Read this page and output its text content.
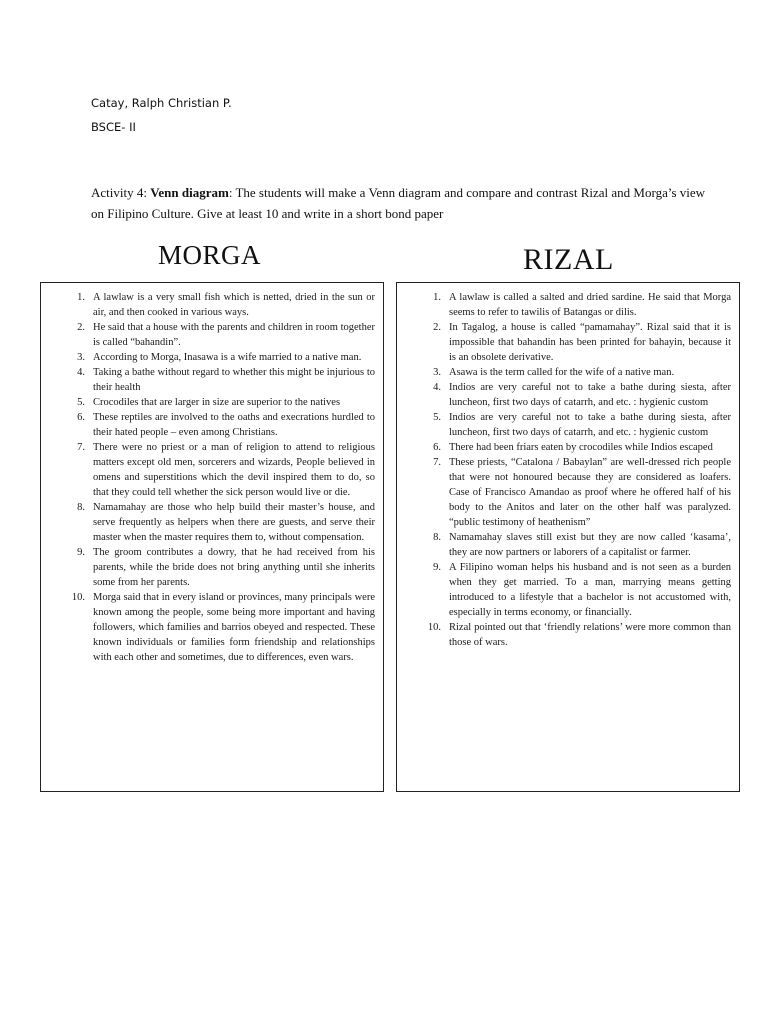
Catay, Ralph Christian P.
BSCE- II
Activity 4: Venn diagram: The students will make a Venn diagram and compare and contrast Rizal and Morga’s view on Filipino Culture. Give at least 10 and write in a short bond paper
MORGA	RIZAL
1. A lawlaw is a very small fish which is netted, dried in the sun or air, and then cooked in various ways.
2. He said that a house with the parents and children in room together is called “bahandin”.
3. According to Morga, Inasawa is a wife married to a native man.
4. Taking a bathe without regard to whether this might be injurious to their health
5. Crocodiles that are larger in size are superior to the natives
6. These reptiles are involved to the oaths and execrations hurdled to their hated people – even among Christians.
7. There were no priest or a man of religion to attend to religious matters except old men, sorcerers and wizards, People believed in omens and superstitions which the devil inspired them to do, so that they could tell whether the sick person would live or die.
8. Namamahay are those who help build their master’s house, and serve frequently as helpers when there are guests, and serve their master when the master requires them to, without compensation.
9. The groom contributes a dowry, that he had received from his parents, while the bride does not bring anything until she inherits some from her parents.
10. Morga said that in every island or provinces, many principals were known among the people, some being more important and having followers, which families and barrios obeyed and respected. These known individuals or families form friendship and relationships with each other and sometimes, due to differences, even wars.
1. A lawlaw is called a salted and dried sardine. He said that Morga seems to refer to tawilis of Batangas or dilis.
2. In Tagalog, a house is called “pamamahay”. Rizal said that it is impossible that bahandin has been printed for bahayin, because it is an obsolete derivative.
3. Asawa is the term called for the wife of a native man.
4. Indios are very careful not to take a bathe during siesta, after luncheon, first two days of catarrh, and etc. : hygienic custom
5. Indios are very careful not to take a bathe during siesta, after luncheon, first two days of catarrh, and etc. : hygienic custom
6. There had been friars eaten by crocodiles while Indios escaped
7. These priests, “Catalona / Babaylan” are well-dressed rich people that were not honoured because they are considered as loafers. Case of Francisco Amandao as proof where he offered half of his body to the Anitos and later on the other half was paralyzed. “public testimony of heathenism”
8. Namamahay slaves still exist but they are now called ‘kasama’, they are now partners or laborers of a capitalist or farmer.
9. A Filipino woman helps his husband and is not seen as a burden when they get married. To a man, marrying means getting introduced to a lifestyle that a bachelor is not accustomed with, especially in terms economy, or financially.
10. Rizal pointed out that ‘friendly relations’ were more common than those of wars.
